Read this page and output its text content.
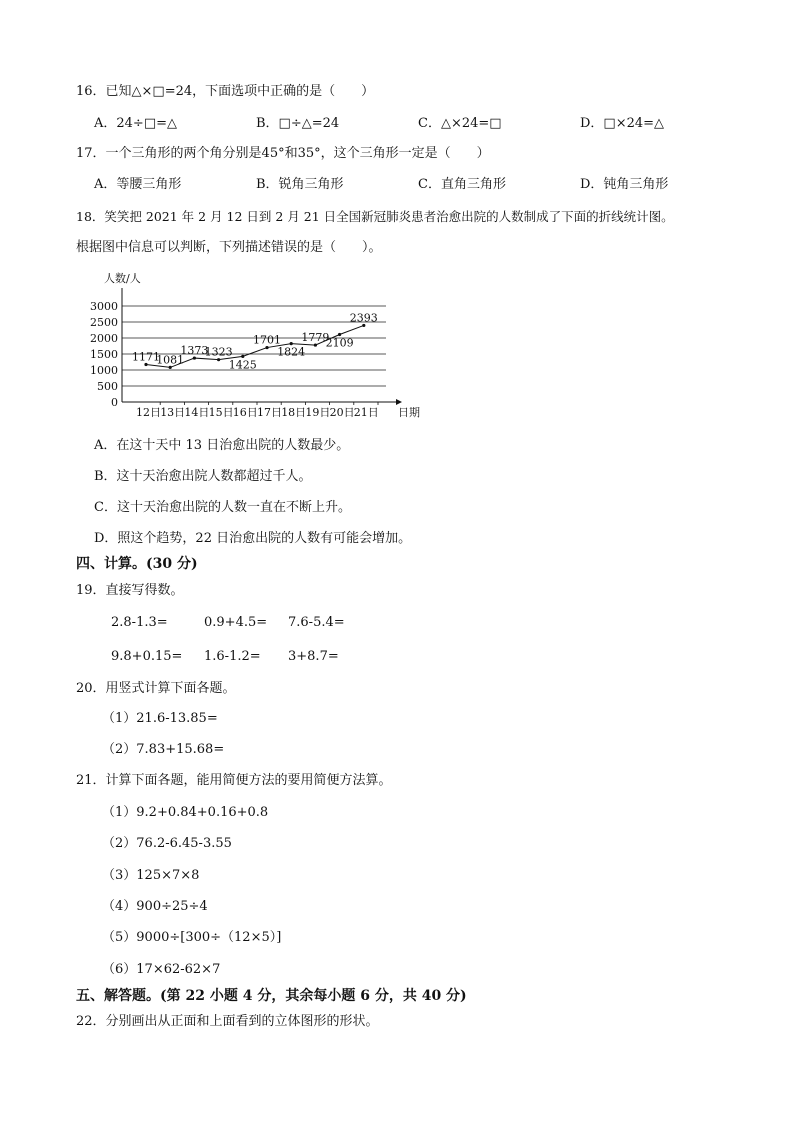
16．已知△×□=24，下面选项中正确的是（　　）
A．24÷□=△	B．□÷△=24	C．△×24=□	D．□×24=△
17．一个三角形的两个角分别是45°和35°，这个三角形一定是（　　）
A．等腰三角形	B．锐角三角形	C．直角三角形	D．钝角三角形
18．笑笑把 2021 年 2 月 12 日到 2 月 21 日全国新冠肺炎患者治愈出院的人数制成了下面的折线统计图。
根据图中信息可以判断，下列描述错误的是（　　）。
人数/人
日期
0
500
1000
1500
2000
2500
3000
12日 13日 14日 15日 16日 17日 18日 19日 20日 21日
1171
1081
1373
1323
1425
1701
1824
1779
2109
2393
A．在这十天中 13 日治愈出院的人数最少。
B．这十天治愈出院人数都超过千人。
C．这十天治愈出院的人数一直在不断上升。
D．照这个趋势，22 日治愈出院的人数有可能会增加。
四、计算。(30 分)
19．直接写得数。
2.8-1.3=	0.9+4.5= 7.6-5.4=
9.8+0.15= 1.6-1.2= 3+8.7=
20．用竖式计算下面各题。
（1）21.6-13.85=
（2）7.83+15.68=
21．计算下面各题，能用简便方法的要用简便方法算。
（1）9.2+0.84+0.16+0.8
（2）76.2-6.45-3.55
（3）125×7×8
（4）900÷25÷4
（5）9000÷[300÷（12×5）]
（6）17×62-62×7
五、解答题。(第 22 小题 4 分，其余每小题 6 分，共 40 分)
22．分别画出从正面和上面看到的立体图形的形状。
